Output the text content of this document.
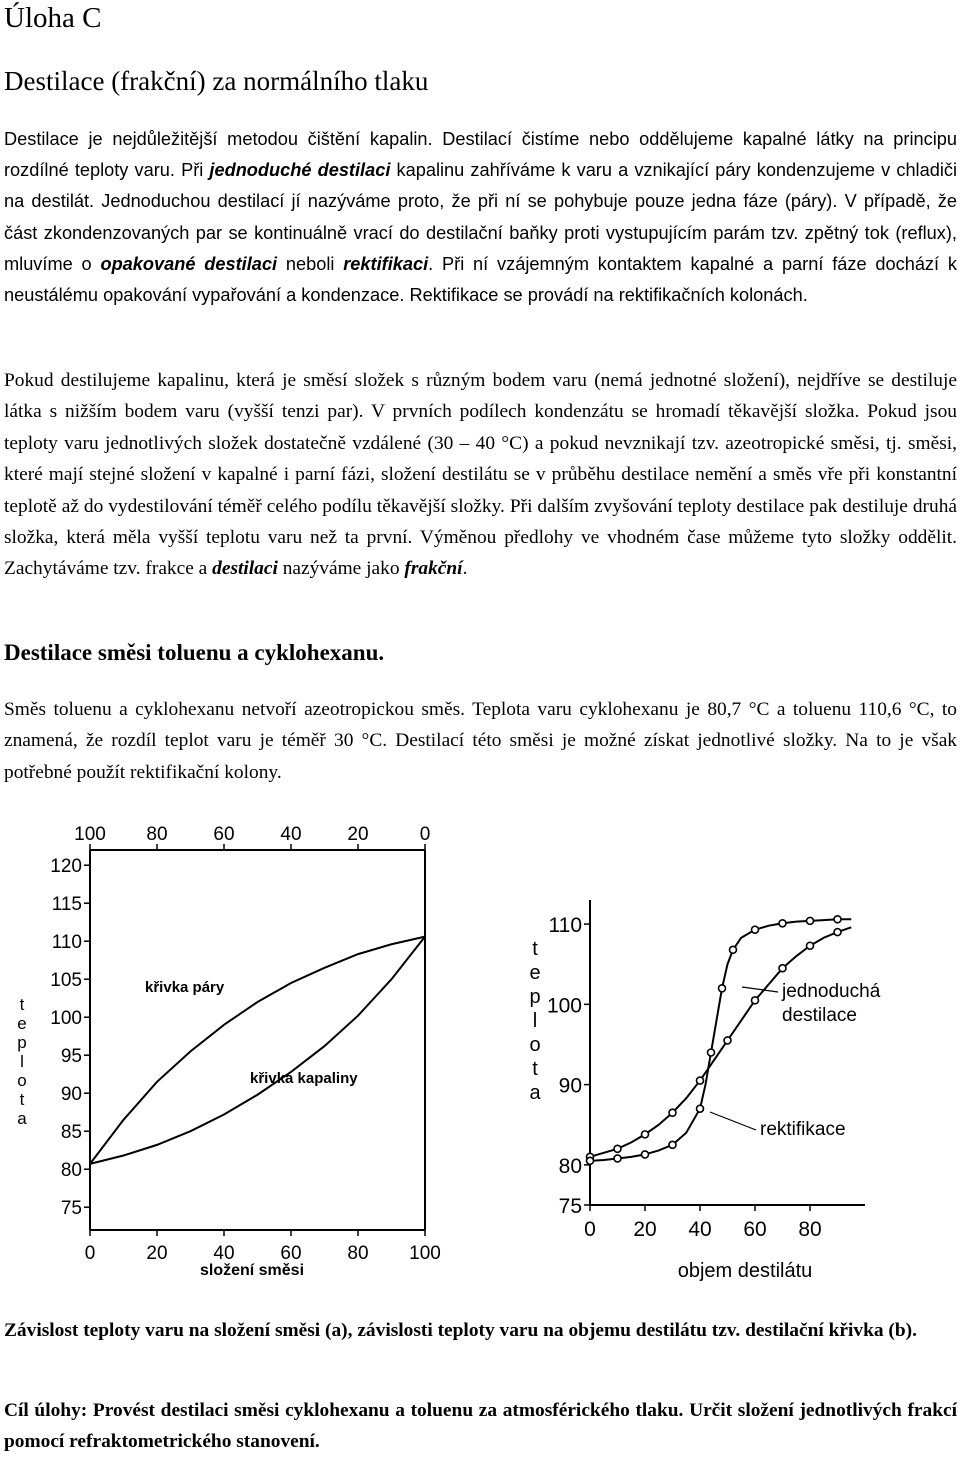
Úloha C
Destilace (frakční) za normálního tlaku

Destilace je nejdůležitější metodou čištění kapalin. Destilací čistíme nebo oddělujeme kapalné látky na principu rozdílné teploty varu. Při jednoduché destilaci kapalinu zahříváme k varu a vznikající páry kondenzujeme v chladiči na destilát. Jednoduchou destilací jí nazýváme proto, že při ní se pohybuje pouze jedna fáze (páry). V případě, že část zkondenzovaných par se kontinuálně vrací do destilační baňky proti vystupujícím parám tzv. zpětný tok (reflux), mluvíme o opakované destilaci neboli rektifikaci. Při ní vzájemným kontaktem kapalné a parní fáze dochází k neustálému opakování vypařování a kondenzace. Rektifikace se provádí na rektifikačních kolonách.

Pokud destilujeme kapalinu, která je směsí složek s různým bodem varu (nemá jednotné složení), nejdříve se destiluje látka s nižším bodem varu (vyšší tenzi par). V prvních podílech kondenzátu se hromadí těkavější složka. Pokud jsou teploty varu jednotlivých složek dostatečně vzdálené (30 – 40 °C) a pokud nevznikají tzv. azeotropické směsi, tj. směsi, které mají stejné složení v kapalné i parní fázi, složení destilátu se v průběhu destilace nemění a směs vře při konstantní teplotě až do vydestilování téměř celého podílu těkavější složky. Při dalším zvyšování teploty destilace pak destiluje druhá složka, která měla vyšší teplotu varu než ta první. Výměnou předlohy ve vhodném čase můžeme tyto složky oddělit. Zachytáváme tzv. frakce a destilaci nazýváme jako frakční.

Destilace směsi toluenu a cyklohexanu.

Směs toluenu a cyklohexanu netvoří azeotropickou směs. Teplota varu cyklohexanu je 80,7 °C a toluenu 110,6 °C, to znamená, že rozdíl teplot varu je téměř 30 °C. Destilací této směsi je možné získat jednotlivé složky. Na to je však potřebné použít rektifikační kolony.

75
80
85
90
95
100
105
110
115
120
0	20 40 60 80 100
100 80 60 40 20	0
t
e
p
l
o
t
a
složení směsi
křivka páry
křivka kapaliny
75
80
90
100
110
0 20 40 60 80
t
e
p
l
o
t
a
objem destilátu
jednoduchá destilace
rektifikace

Závislost teploty varu na složení směsi (a), závislosti teploty varu na objemu destilátu tzv. destilační křivka (b).

Cíl úlohy: Provést destilaci směsi cyklohexanu a toluenu za atmosférického tlaku. Určit složení jednotlivých frakcí pomocí refraktometrického stanovení.
